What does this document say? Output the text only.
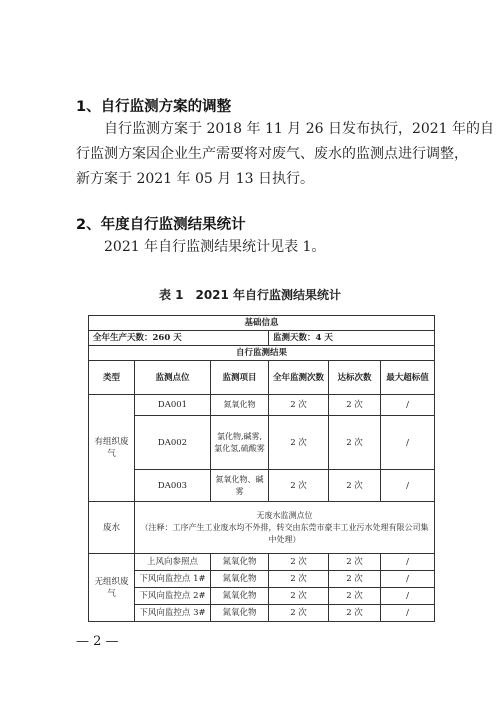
1、自行监测方案的调整

自行监测方案于 2018 年 11 月 26 日发布执行，2021 年的自

行监测方案因企业生产需要将对废气、废水的监测点进行调整，

新方案于 2021 年 05 月 13 日执行。

2、年度自行监测结果统计

2021 年自行监测结果统计见表 1。

表 1　2021 年自行监测结果统计
基础信息					
全年生产天数：260 天			监测天数：4 天		
自行监测结果					
类型	监测点位	监测项目	全年监测次数	达标次数	最大超标值
有组织废气	DA001	氮氧化物	2 次	2 次	/
	DA002	氯化物,碱雾,氯化氢,硫酸雾	2 次	2 次	/
	DA003	氮氧化物、碱雾	2 次	2 次	/
废水	无废水监测点位
（注释：工序产生工业废水均不外排，转交由东莞市豪丰工业污水处理有限公司集中处理）				

无组织废气	上风向参照点	氮氧化物	2 次	2 次	/
	下风向监控点 1#	氮氧化物	2 次	2 次	/
	下风向监控点 2#	氮氧化物	2 次	2 次	/
	下风向监控点 3#	氮氧化物	2 次	2 次	/
— 2 —
